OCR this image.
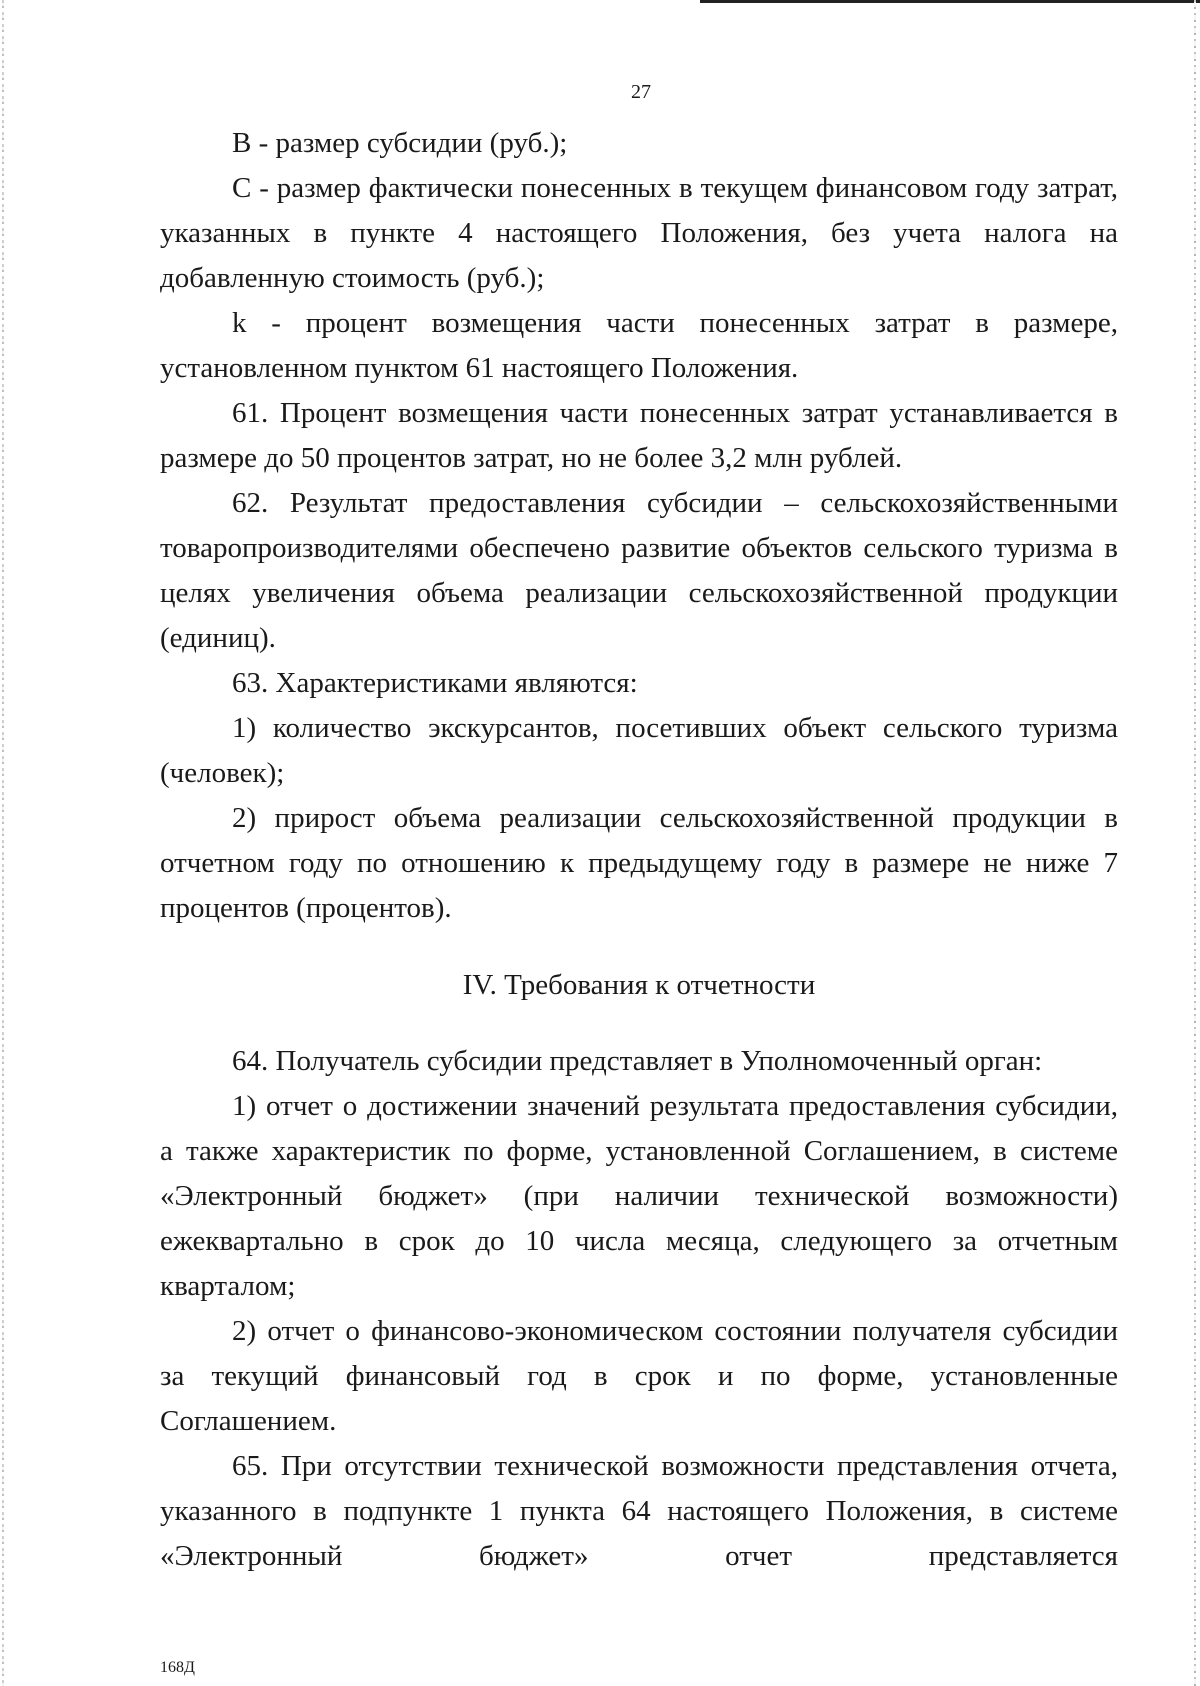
27

В - размер субсидии (руб.);

С - размер фактически понесенных в текущем финансовом году затрат, указанных в пункте 4 настоящего Положения, без учета налога на добавленную стоимость (руб.);

k - процент возмещения части понесенных затрат в размере, установленном пунктом 61 настоящего Положения.

61. Процент возмещения части понесенных затрат устанавливается в размере до 50 процентов затрат, но не более 3,2 млн рублей.

62. Результат предоставления субсидии – сельскохозяйственными товаропроизводителями обеспечено развитие объектов сельского туризма в целях увеличения объема реализации сельскохозяйственной продукции (единиц).

63. Характеристиками являются:

1) количество экскурсантов, посетивших объект сельского туризма (человек);

2) прирост объема реализации сельскохозяйственной продукции в отчетном году по отношению к предыдущему году в размере не ниже 7 процентов (процентов).

IV. Требования к отчетности

64. Получатель субсидии представляет в Уполномоченный орган:

1) отчет о достижении значений результата предоставления субсидии, а также характеристик по форме, установленной Соглашением, в системе «Электронный бюджет» (при наличии технической возможности) ежеквартально в срок до 10 числа месяца, следующего за отчетным кварталом;

2) отчет о финансово-экономическом состоянии получателя субсидии за текущий финансовый год в срок и по форме, установленные Соглашением.

65. При отсутствии технической возможности представления отчета, указанного в подпункте 1 пункта 64 настоящего Положения, в системе «Электронный бюджет» отчет представляется

168Д
